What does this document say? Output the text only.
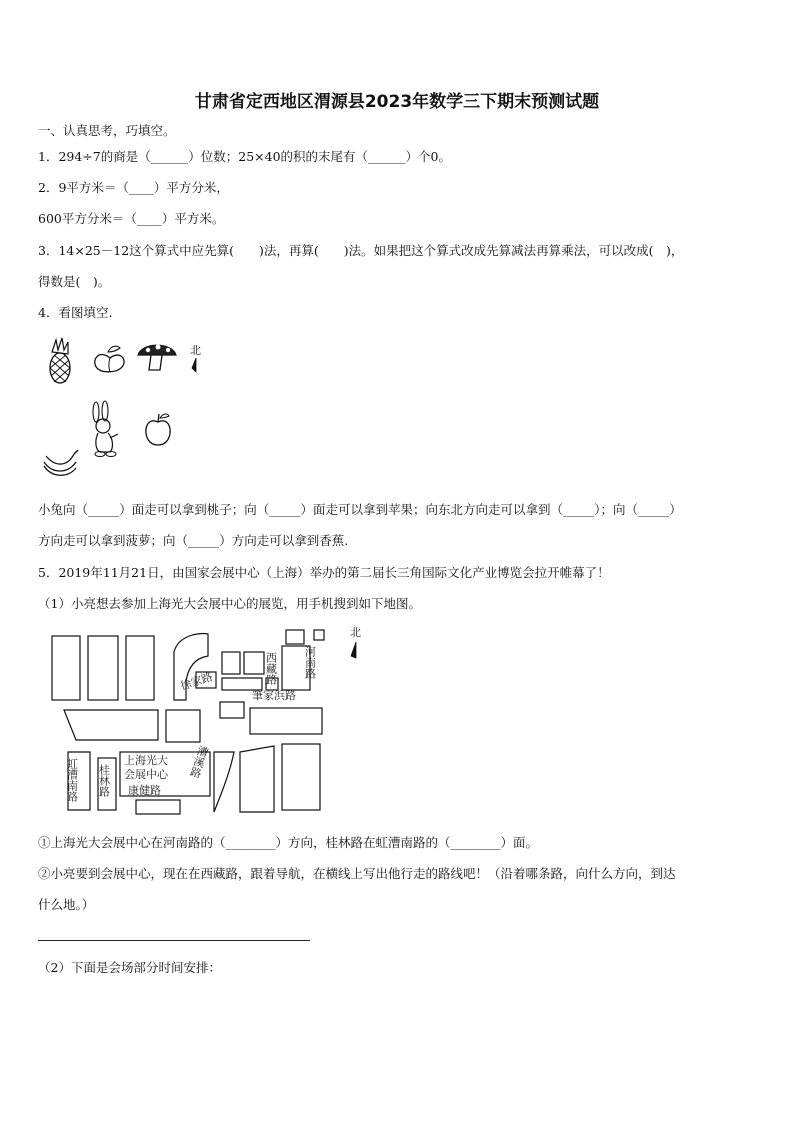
甘肃省定西地区渭源县2023年数学三下期末预测试题
一、认真思考，巧填空。
1．294÷7的商是（______）位数；25×40的积的末尾有（______）个0。
2．9平方米＝（____）平方分米，
600平方分米＝（____）平方米。
3．14×25－12这个算式中应先算(　　)法，再算(　　)法。如果把这个算式改成先算减法再算乘法，可以改成(　)，
得数是(　)。
4．看图填空.
北
小兔向（_____）面走可以拿到桃子；向（_____）面走可以拿到苹果；向东北方向走可以拿到（_____）；向（_____）
方向走可以拿到菠萝；向（_____）方向走可以拿到香蕉.
5．2019年11月21日，由国家会展中心（上海）举办的第二届长三角国际文化产业博览会拉开帷幕了！
（1）小亮想去参加上海光大会展中心的展览，用手机搜到如下地图。
北
西藏路 河南路
徐家路
筆家浜路
上海光大
会展中心
康健路
桂林路
漕溪路
虹漕南路
①上海光大会展中心在河南路的（________）方向，桂林路在虹漕南路的（________）面。
②小亮要到会展中心，现在在西藏路，跟着导航，在横线上写出他行走的路线吧！（沿着哪条路，向什么方向，到达
什么地。）
（2）下面是会场部分时间安排：
